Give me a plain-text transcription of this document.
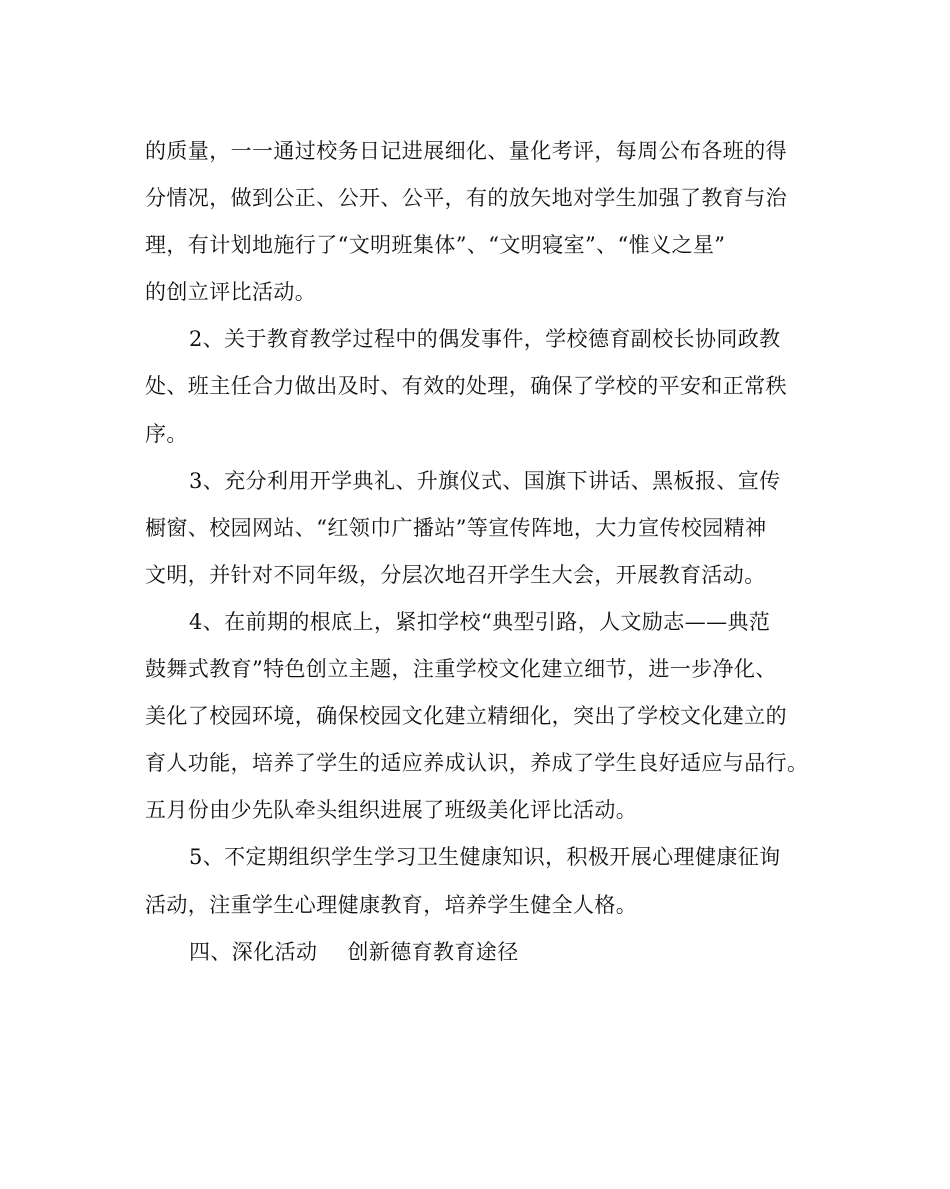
的质量，一一通过校务日记进展细化、量化考评，每周公布各班的得
分情况，做到公正、公开、公平，有的放矢地对学生加强了教育与治
理，有计划地施行了“文明班集体”、“文明寝室”、“惟义之星”
的创立评比活动。
2、关于教育教学过程中的偶发事件，学校德育副校长协同政教
处、班主任合力做出及时、有效的处理，确保了学校的平安和正常秩
序。
3、充分利用开学典礼、升旗仪式、国旗下讲话、黑板报、宣传
橱窗、校园网站、“红领巾广播站”等宣传阵地，大力宣传校园精神
文明，并针对不同年级，分层次地召开学生大会，开展教育活动。
4、在前期的根底上，紧扣学校“典型引路，人文励志——典范
鼓舞式教育”特色创立主题，注重学校文化建立细节，进一步净化、
美化了校园环境，确保校园文化建立精细化，突出了学校文化建立的
育人功能，培养了学生的适应养成认识，养成了学生良好适应与品行。
五月份由少先队牵头组织进展了班级美化评比活动。
5、不定期组织学生学习卫生健康知识，积极开展心理健康征询
活动，注重学生心理健康教育，培养学生健全人格。
四、深化活动 创新德育教育途径
